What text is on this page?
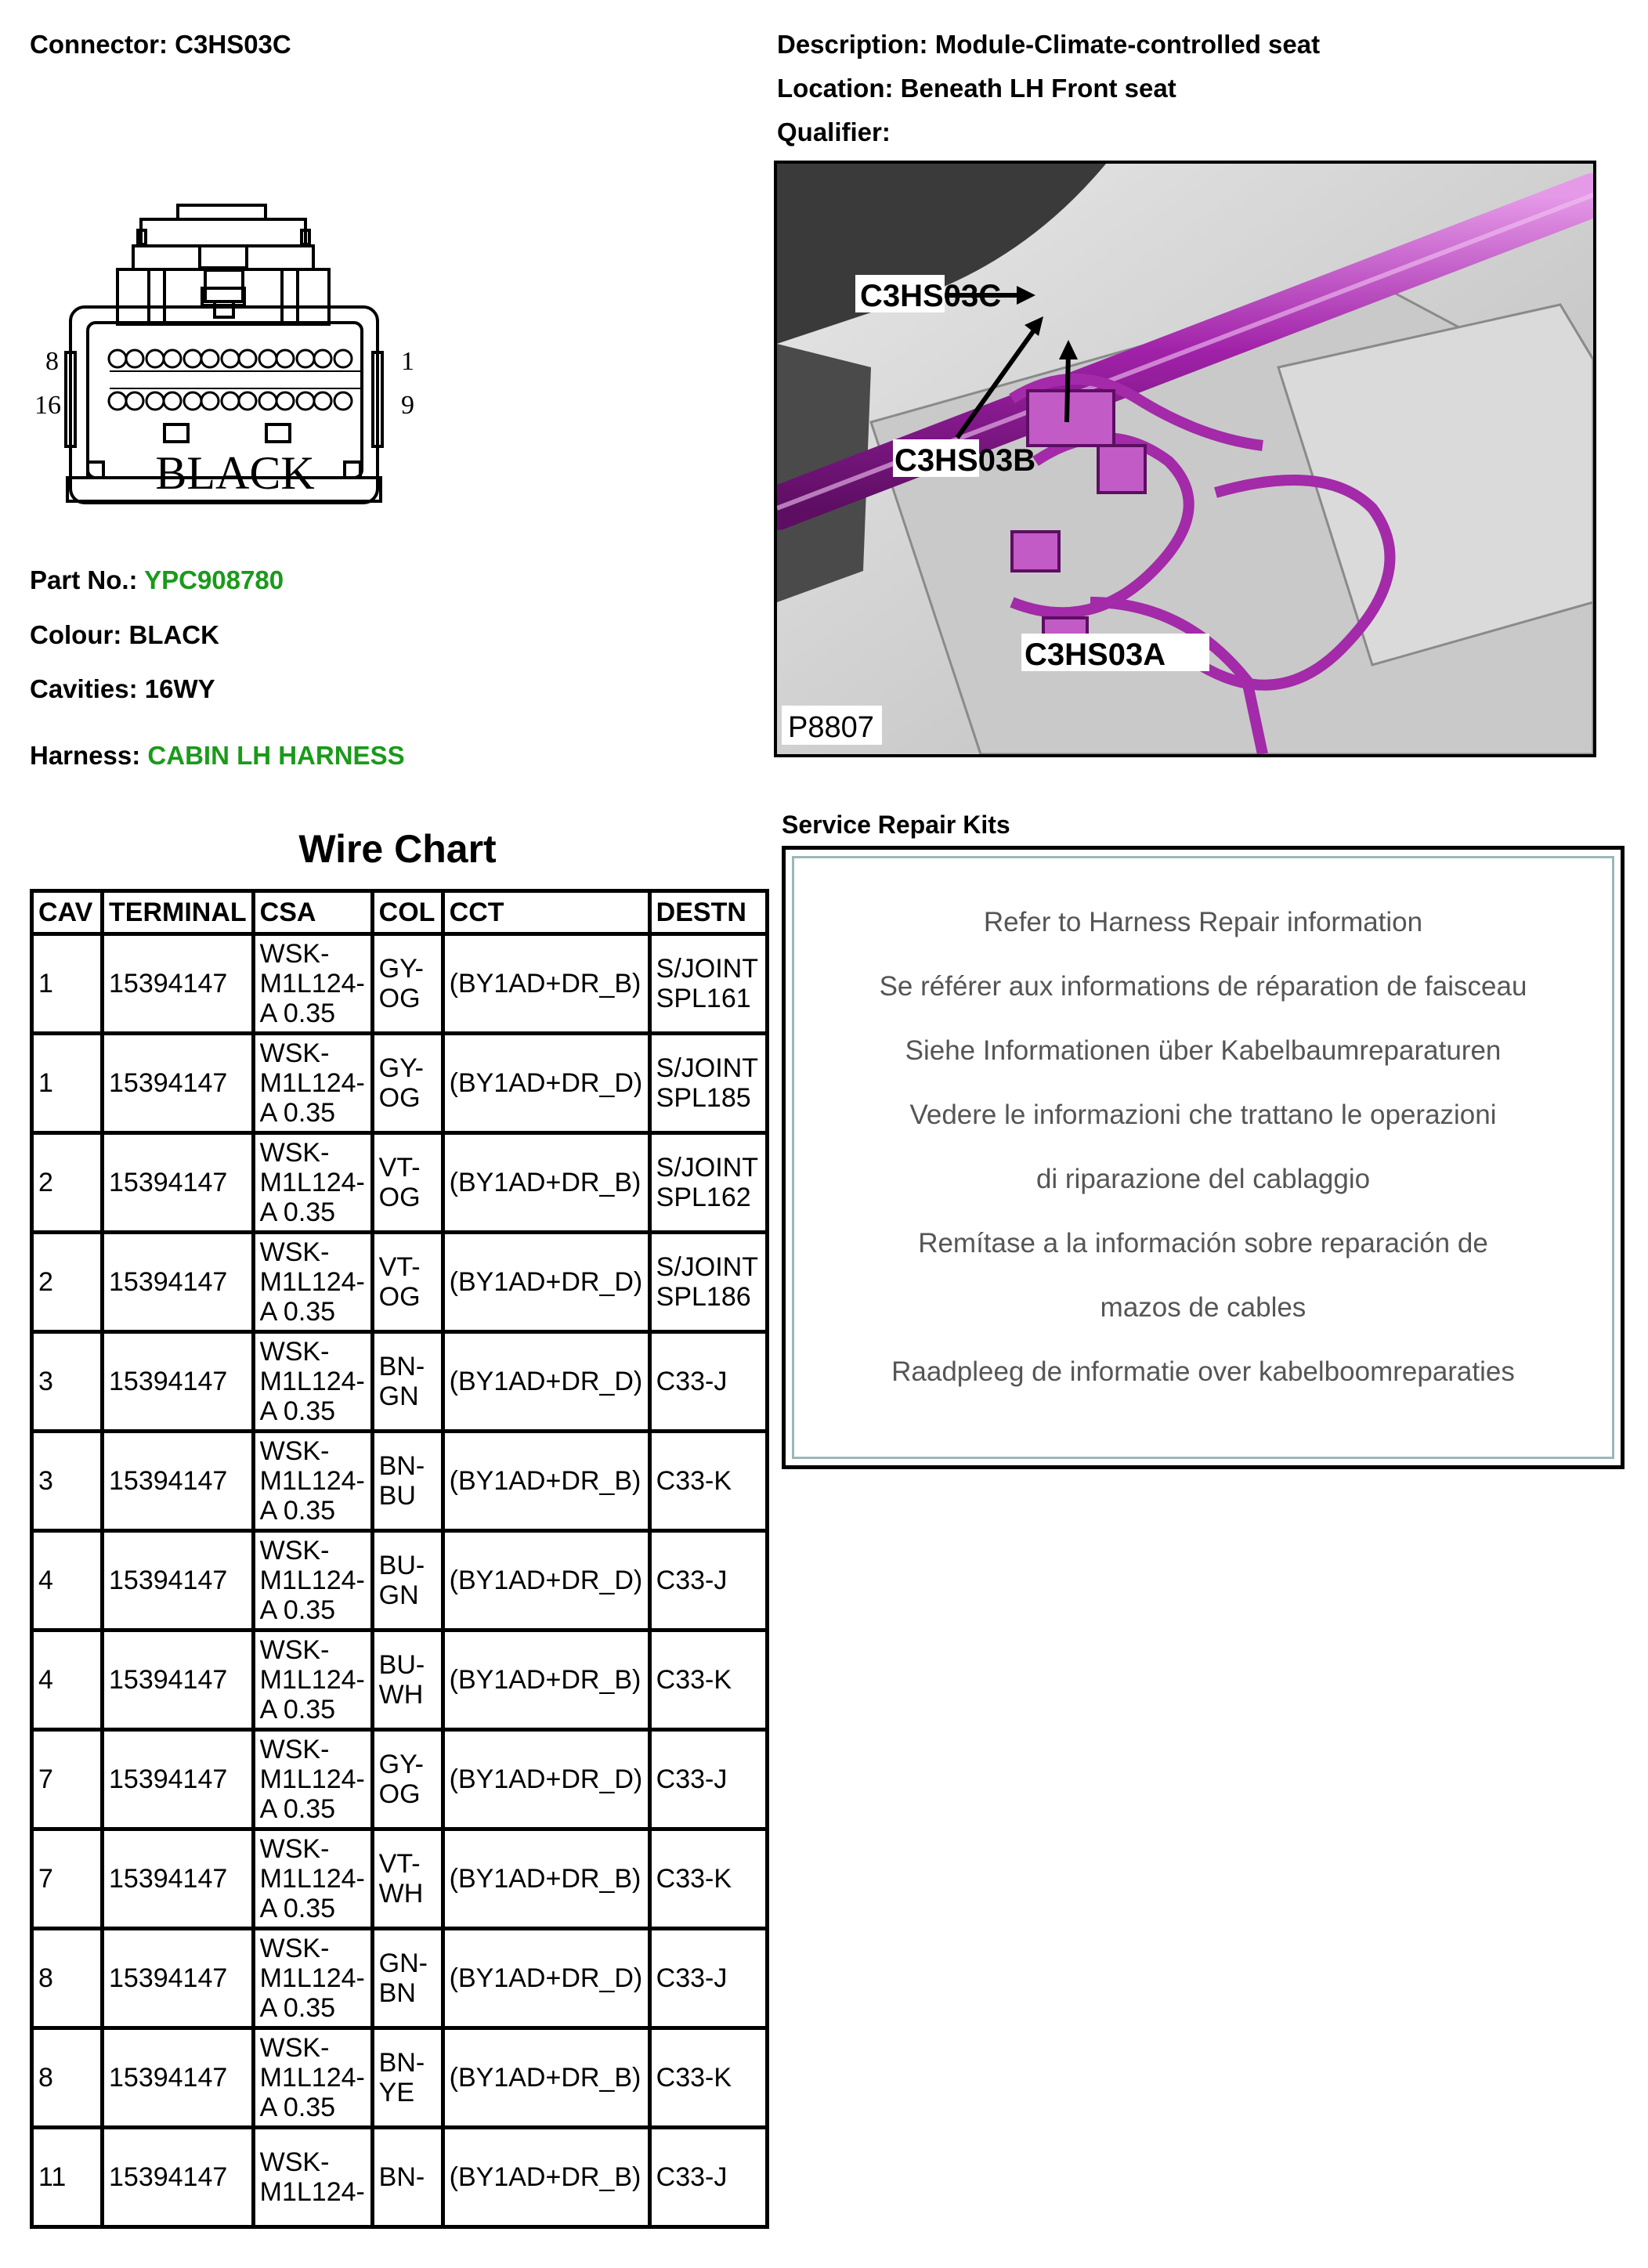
Connector: C3HS03C	Description: Module-Climate-controlled seat
Location: Beneath LH Front seat
Qualifier:
8	1
16	9
BLACK
Part No.: YPC908780
Colour: BLACK
Cavities: 16WY
Harness: CABIN LH HARNESS
C3HS03C
C3HS03B
C3HS03A
P8807
Wire Chart
CAV	TERMINAL	CSA	COL	CCT	DESTN
1	15394147	WSK-
M1L124-
A 0.35	GY-
OG	(BY1AD+DR_B)	S/JOINT
SPL161
1	15394147	WSK-
M1L124-
A 0.35	GY-
OG	(BY1AD+DR_D)	S/JOINT
SPL185
2	15394147	WSK-
M1L124-
A 0.35	VT-
OG	(BY1AD+DR_B)	S/JOINT
SPL162
2	15394147	WSK-
M1L124-
A 0.35	VT-
OG	(BY1AD+DR_D)	S/JOINT
SPL186
3	15394147	WSK-
M1L124-
A 0.35	BN-
GN	(BY1AD+DR_D)	C33-J
3	15394147	WSK-
M1L124-
A 0.35	BN-
BU	(BY1AD+DR_B)	C33-K
4	15394147	WSK-
M1L124-
A 0.35	BU-
GN	(BY1AD+DR_D)	C33-J
4	15394147	WSK-
M1L124-
A 0.35	BU-
WH	(BY1AD+DR_B)	C33-K
7	15394147	WSK-
M1L124-
A 0.35	GY-
OG	(BY1AD+DR_D)	C33-J
7	15394147	WSK-
M1L124-
A 0.35	VT-
WH	(BY1AD+DR_B)	C33-K
8	15394147	WSK-
M1L124-
A 0.35	GN-
BN	(BY1AD+DR_D)	C33-J
8	15394147	WSK-
M1L124-
A 0.35	BN-
YE	(BY1AD+DR_B)	C33-K
11	15394147	WSK-
M1L124-	BN-	(BY1AD+DR_B)	C33-J
Service Repair Kits
Refer to Harness Repair information
Se référer aux informations de réparation de faisceau
Siehe Informationen über Kabelbaumreparaturen
Vedere le informazioni che trattano le operazioni
di riparazione del cablaggio
Remítase a la información sobre reparación de
mazos de cables
Raadpleeg de informatie over kabelboomreparaties
